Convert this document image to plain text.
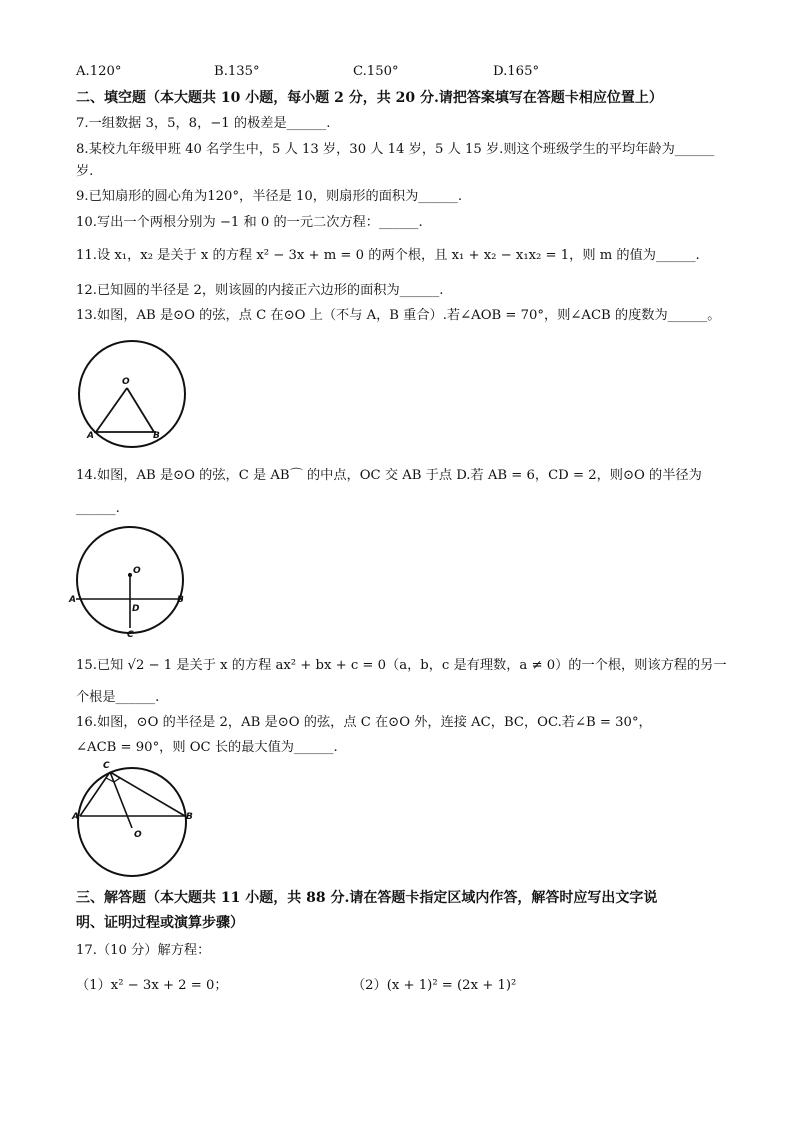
A.120°	B.135°	C.150°	D.165°
二、填空题（本大题共 10 小题，每小题 2 分，共 20 分.请把答案填写在答题卡相应位置上）
7.一组数据 3，5，8，−1 的极差是______.
8.某校九年级甲班 40 名学生中，5 人 13 岁，30 人 14 岁，5 人 15 岁.则这个班级学生的平均年龄为______
岁.
9.已知扇形的圆心角为120°，半径是 10，则扇形的面积为______.
10.写出一个两根分别为 −1 和 0 的一元二次方程：______.
11.设 x₁，x₂ 是关于 x 的方程 x² − 3x + m = 0 的两个根，且 x₁ + x₂ − x₁x₂ = 1，则 m 的值为______.
12.已知圆的半径是 2，则该圆的内接正六边形的面积为______.
13.如图，AB 是⊙O 的弦，点 C 在⊙O 上（不与 A，B 重合）.若∠AOB = 70°，则∠ACB 的度数为______。
O
A	B
14.如图，AB 是⊙O 的弦，C 是 AB⌒ 的中点，OC 交 AB 于点 D.若 AB = 6，CD = 2，则⊙O 的半径为
______.
O
A	B
D
C
15.已知 √2 − 1 是关于 x 的方程 ax² + bx + c = 0（a，b，c 是有理数，a ≠ 0）的一个根，则该方程的另一
个根是______.
16.如图，⊙O 的半径是 2，AB 是⊙O 的弦，点 C 在⊙O 外，连接 AC，BC，OC.若∠B = 30°，
∠ACB = 90°，则 OC 长的最大值为______.
C
A	B
O
三、解答题（本大题共 11 小题，共 88 分.请在答题卡指定区域内作答，解答时应写出文字说
明、证明过程或演算步骤）
17.（10 分）解方程：
（1）x² − 3x + 2 = 0；	（2）(x + 1)² = (2x + 1)²
